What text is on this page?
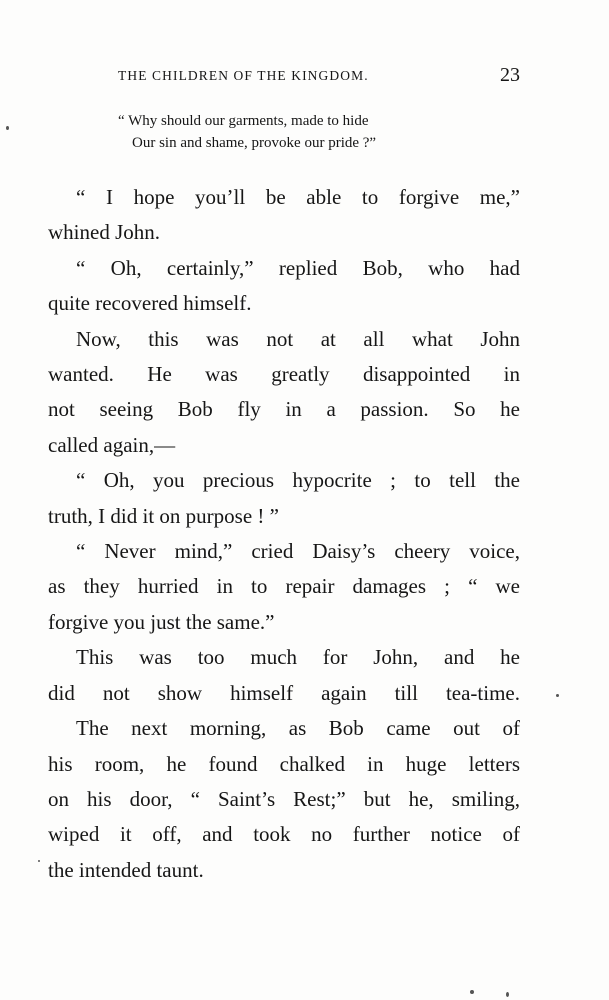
THE CHILDREN OF THE KINGDOM.	23
“ Why should our garments, made to hide
Our sin and shame, provoke our pride ?”
“ I hope you’ll be able to forgive me,”
whined John.
“ Oh, certainly,” replied Bob, who had
quite recovered himself.
Now, this was not at all what John
wanted. He was greatly disappointed in
not seeing Bob fly in a passion. So he
called again,—
“ Oh, you precious hypocrite ; to tell the
truth, I did it on purpose ! ”
“ Never mind,” cried Daisy’s cheery voice,
as they hurried in to repair damages ; “ we
forgive you just the same.”
This was too much for John, and he
did not show himself again till tea-time.
The next morning, as Bob came out of
his room, he found chalked in huge letters
on his door, “ Saint’s Rest;” but he, smiling,
wiped it off, and took no further notice of
the intended taunt.
